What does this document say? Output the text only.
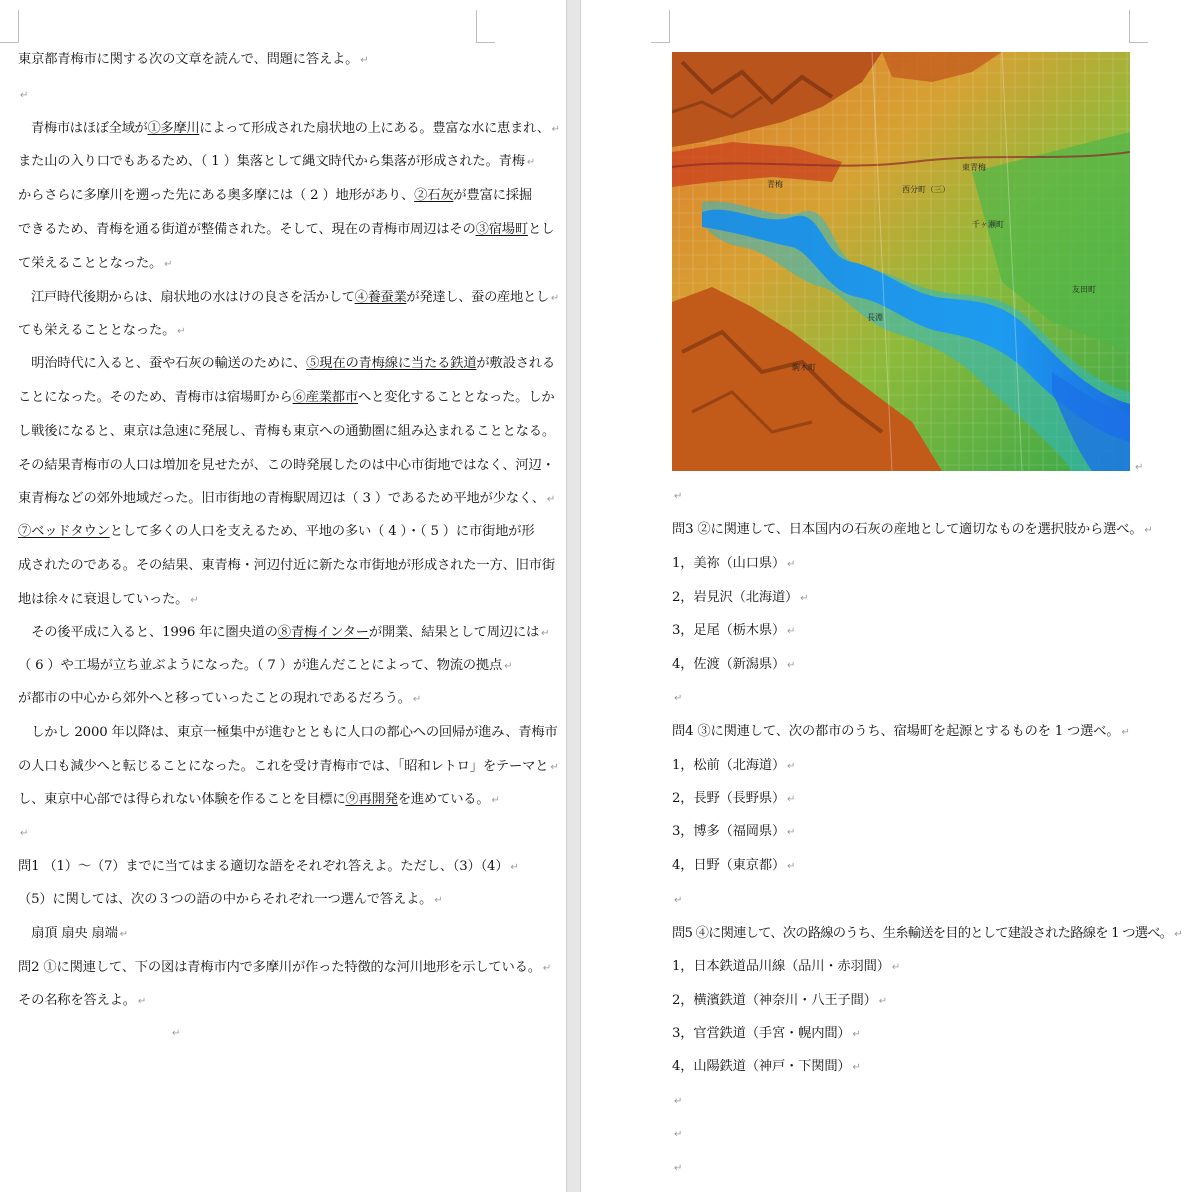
東京都青梅市に関する次の文章を読んで、問題に答えよ。 ↵
↵
　青梅市はほぼ全域が①多摩川によって形成された扇状地の上にある。豊富な水に恵まれ、 ↵
また山の入り口でもあるため、（ 1 ）集落として縄文時代から集落が形成された。青梅 ↵
からさらに多摩川を遡った先にある奥多摩には（ 2 ）地形があり、②石灰が豊富に採掘
できるため、青梅を通る街道が整備された。そして、現在の青梅市周辺はその③宿場町とし
て栄えることとなった。 ↵
　江戸時代後期からは、扇状地の水はけの良さを活かして④養蚕業が発達し、蚕の産地とし ↵
ても栄えることとなった。 ↵
　明治時代に入ると、蚕や石灰の輸送のために、⑤現在の青梅線に当たる鉄道が敷設される
ことになった。そのため、青梅市は宿場町から⑥産業都市へと変化することとなった。しか
し戦後になると、東京は急速に発展し、青梅も東京への通勤圏に組み込まれることとなる。
その結果青梅市の人口は増加を見せたが、この時発展したのは中心市街地ではなく、河辺・
東青梅などの郊外地域だった。旧市街地の青梅駅周辺は（ 3 ）であるため平地が少なく、 ↵
⑦ベッドタウンとして多くの人口を支えるため、平地の多い（ 4 ）・（ 5 ）に市街地が形
成されたのである。その結果、東青梅・河辺付近に新たな市街地が形成された一方、旧市街
地は徐々に衰退していった。 ↵
　その後平成に入ると、1996 年に圏央道の⑧青梅インターが開業、結果として周辺には ↵
（ 6 ）や工場が立ち並ぶようになった。（ 7 ）が進んだことによって、物流の拠点 ↵
が都市の中心から郊外へと移っていったことの現れであるだろう。 ↵
　しかし 2000 年以降は、東京一極集中が進むとともに人口の都心への回帰が進み、青梅市
の人口も減少へと転じることになった。これを受け青梅市では、「昭和レトロ」をテーマと ↵
し、東京中心部では得られない体験を作ることを目標に⑨再開発を進めている。 ↵
↵
問1 （1）～（7）までに当てはまる適切な語をそれぞれ答えよ。ただし、（3）（4） ↵
（5）に関しては、次の３つの語の中からそれぞれ一つ選んで答えよ。 ↵
　扇頂 扇央 扇端 ↵
問2 ①に関連して、下の図は青梅市内で多摩川が作った特徴的な河川地形を示している。 ↵
その名称を答えよ。 ↵
↵
西分町（三）
東青梅
千ヶ瀬町
駒木町
長淵
友田町
青梅
↵
↵
問3 ②に関連して、日本国内の石灰の産地として適切なものを選択肢から選べ。 ↵
1，美祢（山口県） ↵
2，岩見沢（北海道） ↵
3，足尾（栃木県） ↵
4，佐渡（新潟県） ↵
↵
問4 ③に関連して、次の都市のうち、宿場町を起源とするものを 1 つ選べ。 ↵
1，松前（北海道） ↵
2，長野（長野県） ↵
3，博多（福岡県） ↵
4，日野（東京都） ↵
↵
問5 ④に関連して、次の路線のうち、生糸輸送を目的として建設された路線を 1 つ選べ。 ↵
1，日本鉄道品川線（品川・赤羽間） ↵
2，横濱鉄道（神奈川・八王子間） ↵
3，官営鉄道（手宮・幌内間） ↵
4，山陽鉄道（神戸・下関間） ↵
↵
↵
↵
